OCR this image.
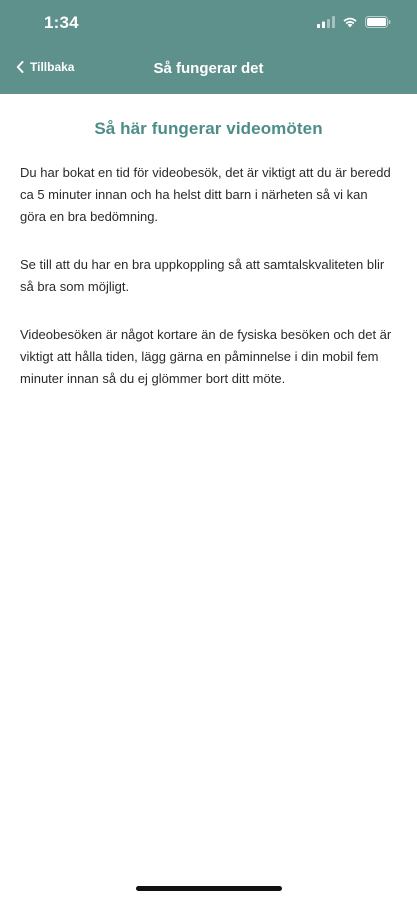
1:34
Tillbaka	Så fungerar det
Så här fungerar videomöten

Du har bokat en tid för videobesök, det är viktigt att du är beredd ca 5 minuter innan och ha helst ditt barn i närheten så vi kan göra en bra bedömning.

Se till att du har en bra uppkoppling så att samtalskvaliteten blir så bra som möjligt.

Videobesöken är något kortare än de fysiska besöken och det är viktigt att hålla tiden, lägg gärna en påminnelse i din mobil fem minuter innan så du ej glömmer bort ditt möte.
